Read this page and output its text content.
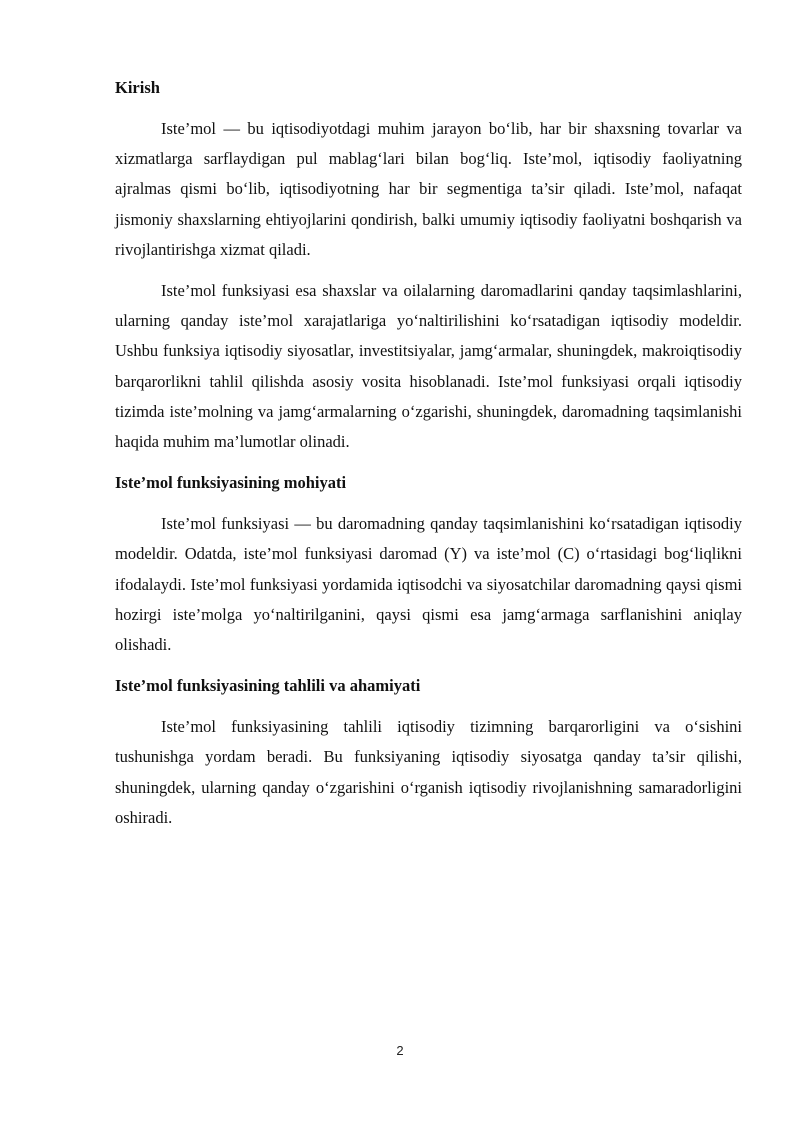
Kirish

Iste’mol — bu iqtisodiyotdagi muhim jarayon bo‘lib, har bir shaxsning tovarlar va xizmatlarga sarflaydigan pul mablag‘lari bilan bog‘liq. Iste’mol, iqtisodiy faoliyatning ajralmas qismi bo‘lib, iqtisodiyotning har bir segmentiga ta’sir qiladi. Iste’mol, nafaqat jismoniy shaxslarning ehtiyojlarini qondirish, balki umumiy iqtisodiy faoliyatni boshqarish va rivojlantirishga xizmat qiladi.

Iste’mol funksiyasi esa shaxslar va oilalarning daromadlarini qanday taqsimlashlarini, ularning qanday iste’mol xarajatlariga yo‘naltirilishini ko‘rsatadigan iqtisodiy modeldir. Ushbu funksiya iqtisodiy siyosatlar, investitsiyalar, jamg‘armalar, shuningdek, makroiqtisodiy barqarorlikni tahlil qilishda asosiy vosita hisoblanadi. Iste’mol funksiyasi orqali iqtisodiy tizimda iste’molning va jamg‘armalarning o‘zgarishi, shuningdek, daromadning taqsimlanishi haqida muhim ma’lumotlar olinadi.

Iste’mol funksiyasining mohiyati

Iste’mol funksiyasi — bu daromadning qanday taqsimlanishini ko‘rsatadigan iqtisodiy modeldir. Odatda, iste’mol funksiyasi daromad (Y) va iste’mol (C) o‘rtasidagi bog‘liqlikni ifodalaydi. Iste’mol funksiyasi yordamida iqtisodchi va siyosatchilar daromadning qaysi qismi hozirgi iste’molga yo‘naltirilganini, qaysi qismi esa jamg‘armaga sarflanishini aniqlay olishadi.

Iste’mol funksiyasining tahlili va ahamiyati

Iste’mol funksiyasining tahlili iqtisodiy tizimning barqarorligini va o‘sishini tushunishga yordam beradi. Bu funksiyaning iqtisodiy siyosatga qanday ta’sir qilishi, shuningdek, ularning qanday o‘zgarishini o‘rganish iqtisodiy rivojlanishning samaradorligini oshiradi.

2
